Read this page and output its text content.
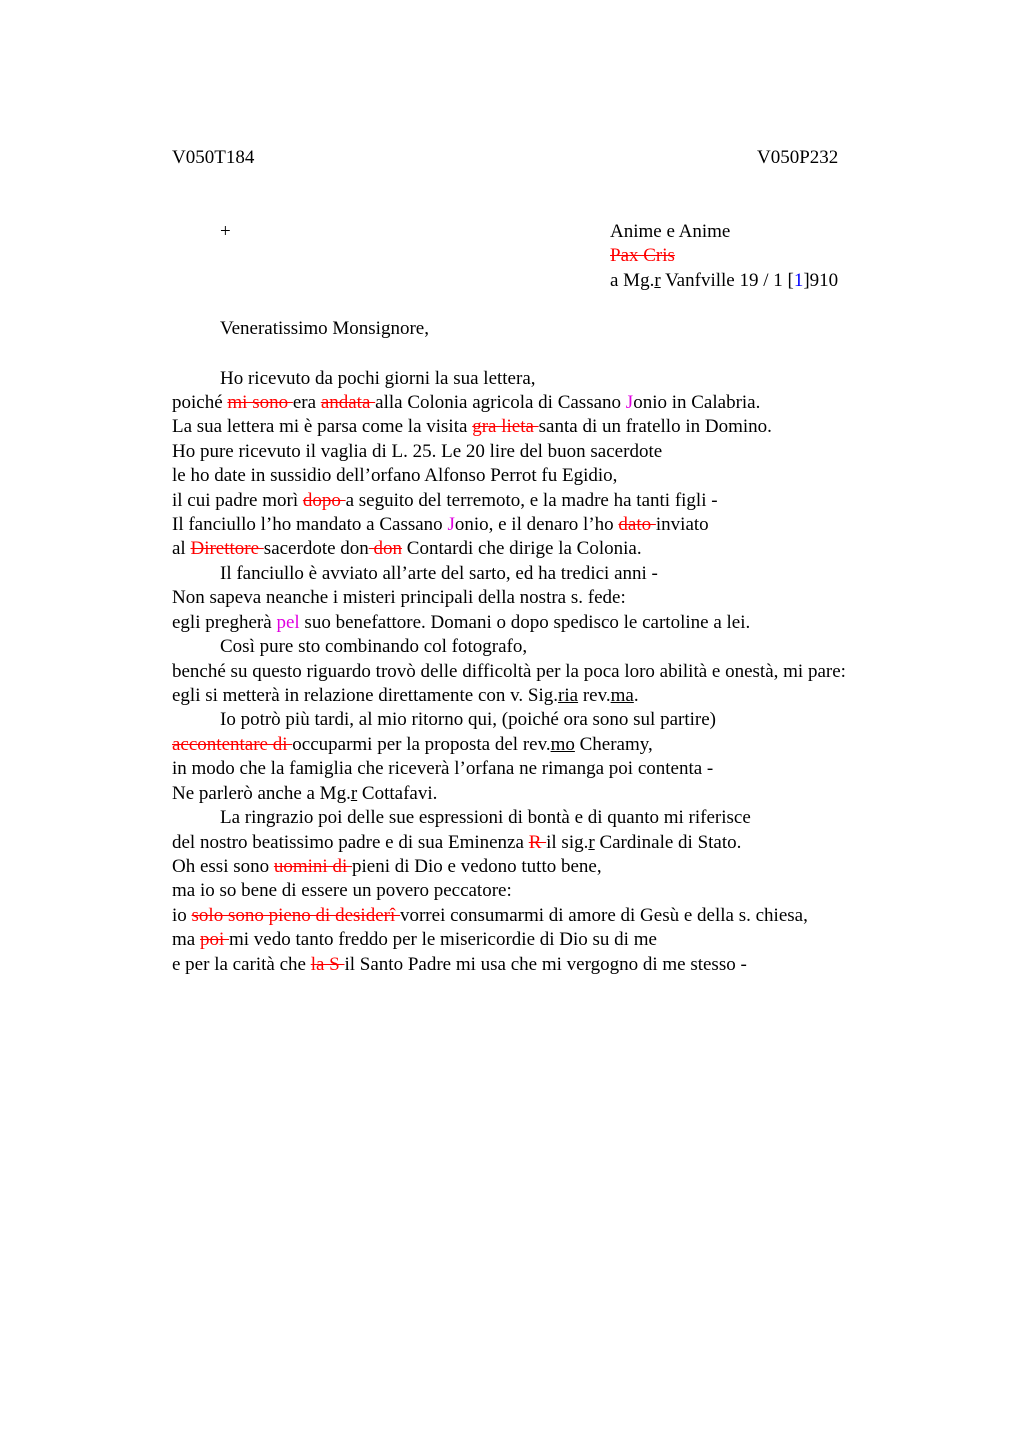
V050T184	V050P232
+	Anime e Anime
Pax Cris
a Mg.r Vanfville 19 / 1 [1]910
Veneratissimo Monsignore,
Ho ricevuto da pochi giorni la sua lettera,
poiché mi sono era andata alla Colonia agricola di Cassano Jonio in Calabria.
La sua lettera mi è parsa come la visita gra lieta santa di un fratello in Domino.
Ho pure ricevuto il vaglia di L. 25. Le 20 lire del buon sacerdote
le ho date in sussidio dell’orfano Alfonso Perrot fu Egidio,
il cui padre morì dopo a seguito del terremoto, e la madre ha tanti figli -
Il fanciullo l’ho mandato a Cassano Jonio, e il denaro l’ho dato inviato
al Direttore sacerdote don don Contardi che dirige la Colonia.
Il fanciullo è avviato all’arte del sarto, ed ha tredici anni -
Non sapeva neanche i misteri principali della nostra s. fede:
egli pregherà pel suo benefattore. Domani o dopo spedisco le cartoline a lei.
Così pure sto combinando col fotografo,
benché su questo riguardo trovò delle difficoltà per la poca loro abilità e onestà, mi pare:
egli si metterà in relazione direttamente con v. Sig.ria rev.ma.
Io potrò più tardi, al mio ritorno qui, (poiché ora sono sul partire)
accontentare di occuparmi per la proposta del rev.mo Cheramy,
in modo che la famiglia che riceverà l’orfana ne rimanga poi contenta -
Ne parlerò anche a Mg.r Cottafavi.
La ringrazio poi delle sue espressioni di bontà e di quanto mi riferisce
del nostro beatissimo padre e di sua Eminenza R il sig.r Cardinale di Stato.
Oh essi sono uomini di pieni di Dio e vedono tutto bene,
ma io so bene di essere un povero peccatore:
io solo sono pieno di desiderî vorrei consumarmi di amore di Gesù e della s. chiesa,
ma poi mi vedo tanto freddo per le misericordie di Dio su di me
e per la carità che la S il Santo Padre mi usa che mi vergogno di me stesso -
